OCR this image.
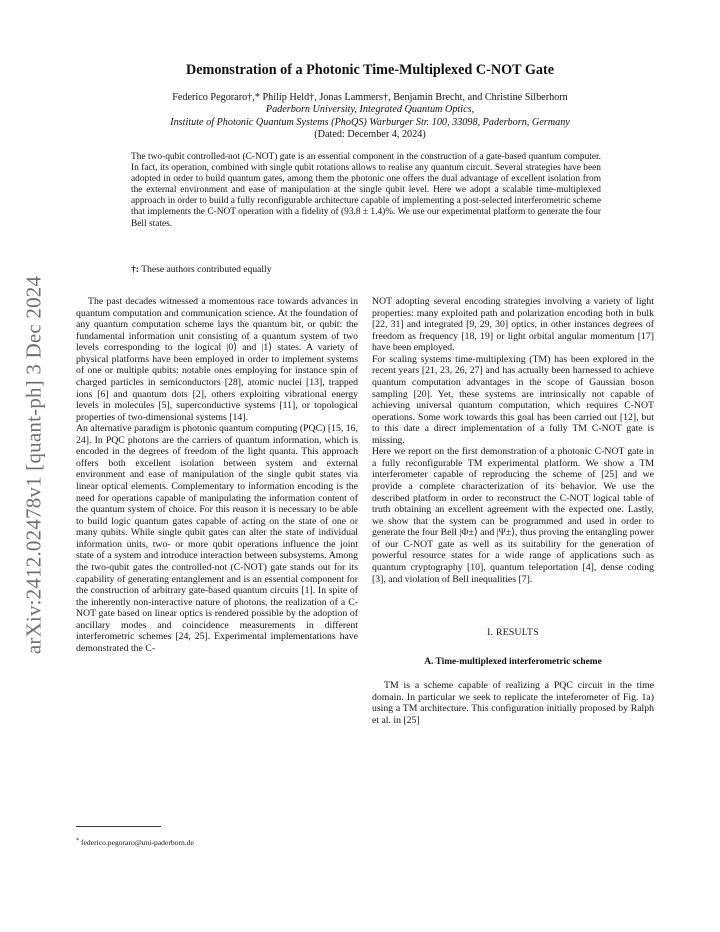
arXiv:2412.02478v1 [quant-ph] 3 Dec 2024
Demonstration of a Photonic Time-Multiplexed C-NOT Gate
Federico Pegoraro†,* Philip Held†, Jonas Lammers†, Benjamin Brecht, and Christine Silberhorn
Paderborn University, Integrated Quantum Optics,
Institute of Photonic Quantum Systems (PhoQS) Warburger Str. 100, 33098, Paderborn, Germany
(Dated: December 4, 2024)
The two-qubit controlled-not (C-NOT) gate is an essential component in the construction of a gate-based quantum computer. In fact, its operation, combined with single qubit rotations allows to realise any quantum circuit. Several strategies have been adopted in order to build quantum gates, among them the photonic one offers the dual advantage of excellent isolation from the external environment and ease of manipulation at the single qubit level. Here we adopt a scalable time-multiplexed approach in order to build a fully reconfigurable architecture capable of implementing a post-selected interferometric scheme that implements the C-NOT operation with a fidelity of (93.8 ± 1.4)%. We use our experimental platform to generate the four Bell states.
†: These authors contributed equally

The past decades witnessed a momentous race towards advances in quantum computation and communication science. At the foundation of any quantum computation scheme lays the quantum bit, or qubit: the fundamental information unit consisting of a quantum system of two levels corresponding to the logical |0⟩ and |1⟩ states. A variety of physical platforms have been employed in order to implement systems of one or multiple qubits: notable ones employing for instance spin of charged particles in semiconductors [28], atomic nuclei [13], trapped ions [6] and quantum dots [2], others exploiting vibrational energy levels in molecules [5], superconductive systems [11], or topological properties of two-dimensional systems [14].

An alternative paradigm is photonic quantum computing (PQC) [15, 16, 24]. In PQC photons are the carriers of quantum information, which is encoded in the degrees of freedom of the light quanta. This approach offers both excellent isolation between system and external environment and ease of manipulation of the single qubit states via linear optical elements. Complementary to information encoding is the need for operations capable of manipulating the information content of the quantum system of choice. For this reason it is necessary to be able to build logic quantum gates capable of acting on the state of one or many qubits. While single qubit gates can alter the state of individual information units, two- or more qubit operations influence the joint state of a system and introduce interaction between subsystems. Among the two-qubit gates the controlled-not (C-NOT) gate stands out for its capability of generating entanglement and is an essential component for the construction of arbitrary gate-based quantum circuits [1]. In spite of the inherently non-interactive nature of photons, the realization of a C-NOT gate based on linear optics is rendered possible by the adoption of ancillary modes and coincidence measurements in different interferometric schemes [24, 25]. Experimental implementations have demonstrated the C-

NOT adopting several encoding strategies involving a variety of light properties: many exploited path and polarization encoding both in bulk [22, 31] and integrated [9, 29, 30] optics, in other instances degrees of freedom as frequency [18, 19] or light orbital angular momentum [17] have been employed.

For scaling systems time-multiplexing (TM) has been explored in the recent years [21, 23, 26, 27] and has actually been harnessed to achieve quantum computation advantages in the scope of Gaussian boson sampling [20]. Yet, these systems are intrinsically not capable of achieving universal quantum computation, which requires C-NOT operations. Some work towards this goal has been carried out [12], but to this date a direct implementation of a fully TM C-NOT gate is missing.

Here we report on the first demonstration of a photonic C-NOT gate in a fully reconfigurable TM experimental platform. We show a TM interferometer capable of reproducing the scheme of [25] and we provide a complete characterization of its behavior. We use the described platform in order to reconstruct the C-NOT logical table of truth obtaining an excellent agreement with the expected one. Lastly, we show that the system can be programmed and used in order to generate the four Bell |Φ±⟩ and |Ψ±⟩, thus proving the entangling power of our C-NOT gate as well as its suitability for the generation of powerful resource states for a wide range of applications such as quantum cryptography [10], quantum teleportation [4], dense coding [3], and violation of Bell inequalities [7].

I. RESULTS

A. Time-multiplexed interferometric scheme

TM is a scheme capable of realizing a PQC circuit in the time domain. In particular we seek to replicate the inteferometer of Fig. 1a) using a TM architecture. This configuration initially proposed by Ralph et al. in [25]

* federico.pegoraro@uni-paderborn.de
